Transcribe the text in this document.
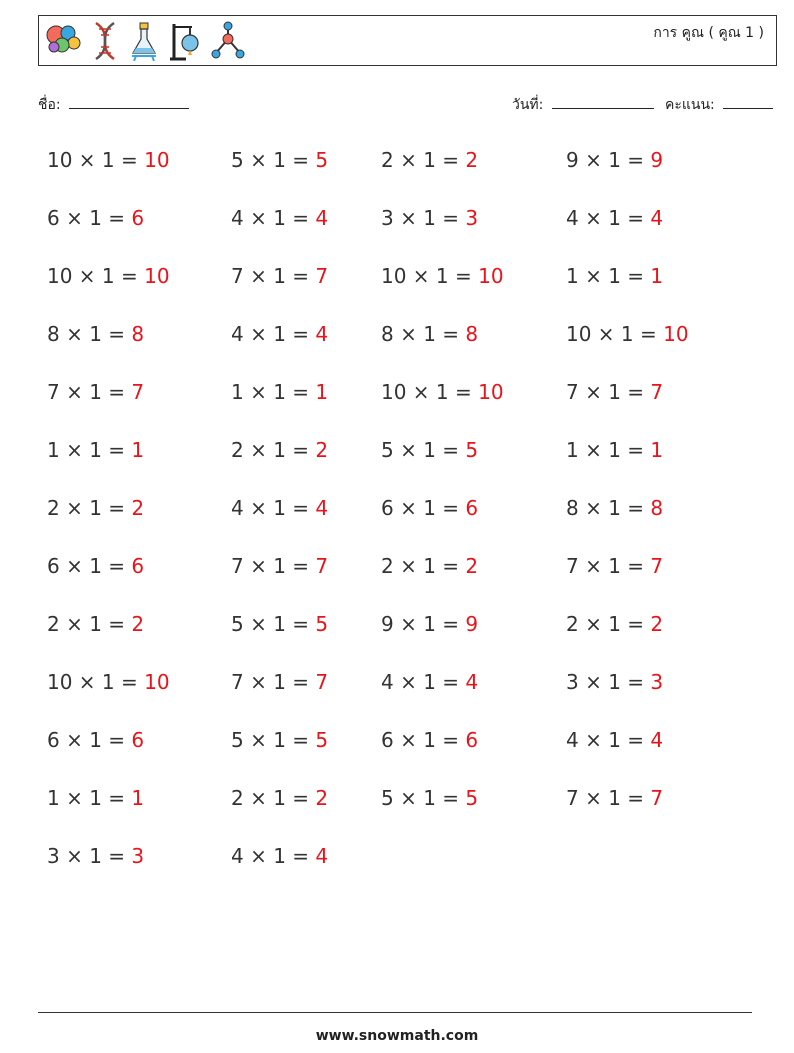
การ คูณ ( คูณ 1 )
ชื่อ:	วันที่:	คะแนน:
10 × 1 = 10	5 × 1 = 5	2 × 1 = 2	9 × 1 = 9
6 × 1 = 6	4 × 1 = 4	3 × 1 = 3	4 × 1 = 4
10 × 1 = 10	7 × 1 = 7	10 × 1 = 10	1 × 1 = 1
8 × 1 = 8	4 × 1 = 4	8 × 1 = 8	10 × 1 = 10
7 × 1 = 7	1 × 1 = 1	10 × 1 = 10	7 × 1 = 7
1 × 1 = 1	2 × 1 = 2	5 × 1 = 5	1 × 1 = 1
2 × 1 = 2	4 × 1 = 4	6 × 1 = 6	8 × 1 = 8
6 × 1 = 6	7 × 1 = 7	2 × 1 = 2	7 × 1 = 7
2 × 1 = 2	5 × 1 = 5	9 × 1 = 9	2 × 1 = 2
10 × 1 = 10	7 × 1 = 7	4 × 1 = 4	3 × 1 = 3
6 × 1 = 6	5 × 1 = 5	6 × 1 = 6	4 × 1 = 4
1 × 1 = 1	2 × 1 = 2	5 × 1 = 5	7 × 1 = 7
3 × 1 = 3	4 × 1 = 4
www.snowmath.com
